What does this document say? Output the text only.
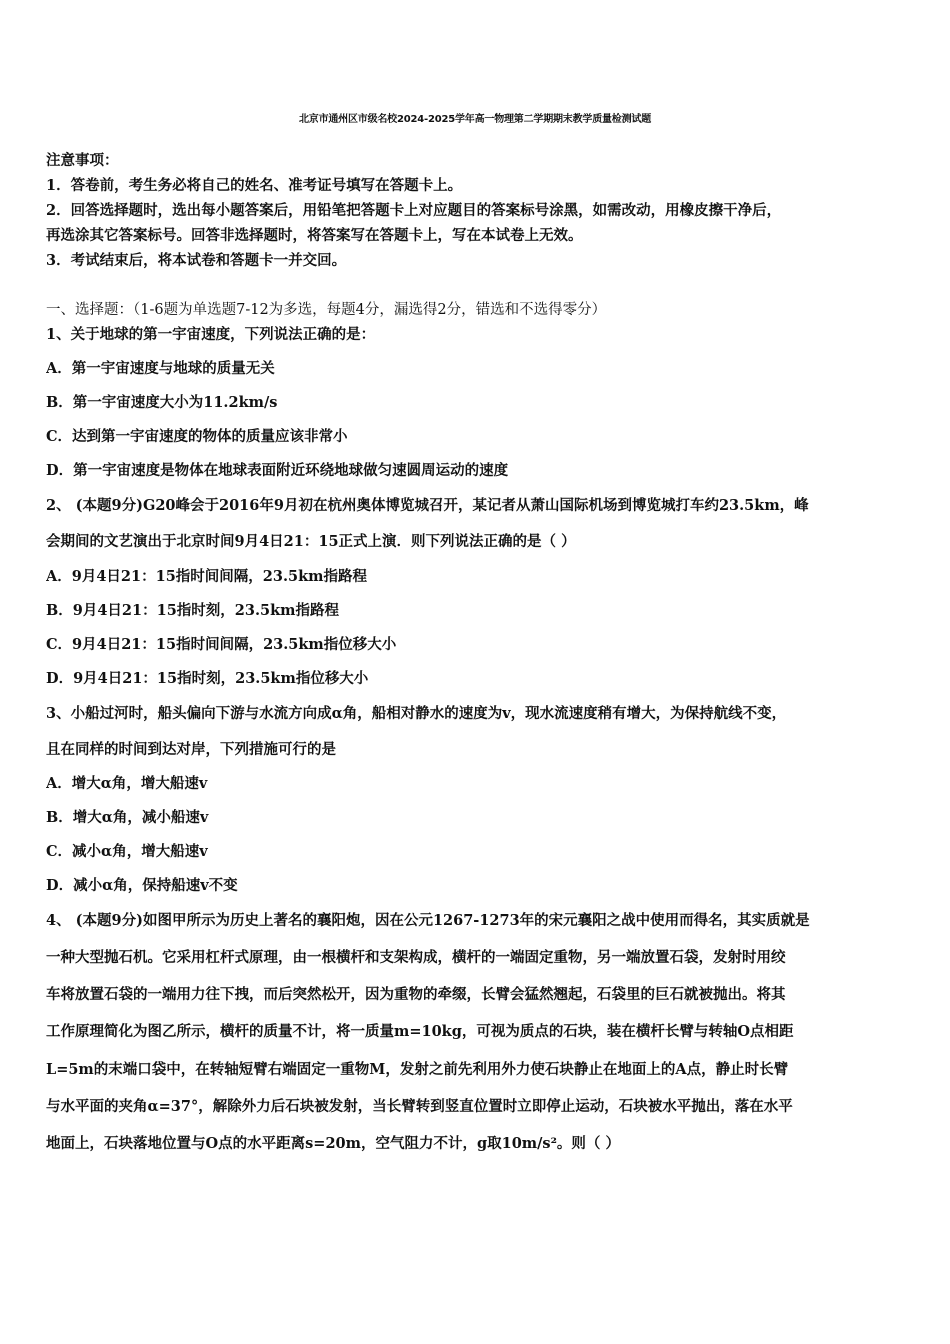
北京市通州区市级名校2024-2025学年高一物理第二学期期末教学质量检测试题
注意事项：
1．答卷前，考生务必将自己的姓名、准考证号填写在答题卡上。
2．回答选择题时，选出每小题答案后，用铅笔把答题卡上对应题目的答案标号涂黑，如需改动，用橡皮擦干净后，
再选涂其它答案标号。回答非选择题时，将答案写在答题卡上，写在本试卷上无效。
3．考试结束后，将本试卷和答题卡一并交回。
一、选择题：（1-6题为单选题7-12为多选，每题4分，漏选得2分，错选和不选得零分）
1、关于地球的第一宇宙速度，下列说法正确的是：
A．第一宇宙速度与地球的质量无关
B．第一宇宙速度大小为11.2km/s
C．达到第一宇宙速度的物体的质量应该非常小
D．第一宇宙速度是物体在地球表面附近环绕地球做匀速圆周运动的速度
2、 (本题9分)G20峰会于2016年9月初在杭州奥体博览城召开，某记者从萧山国际机场到博览城打车约23.5km，峰
会期间的文艺演出于北京时间9月4日21：15正式上演．则下列说法正确的是（ ）
A．9月4日21：15指时间间隔，23.5km指路程
B．9月4日21：15指时刻，23.5km指路程
C．9月4日21：15指时间间隔，23.5km指位移大小
D．9月4日21：15指时刻，23.5km指位移大小
3、小船过河时，船头偏向下游与水流方向成α角，船相对静水的速度为v，现水流速度稍有增大，为保持航线不变，
且在同样的时间到达对岸，下列措施可行的是
A．增大α角，增大船速v
B．增大α角，减小船速v
C．减小α角，增大船速v
D．减小α角，保持船速v不变
4、 (本题9分)如图甲所示为历史上著名的襄阳炮，因在公元1267-1273年的宋元襄阳之战中使用而得名，其实质就是
一种大型抛石机。它采用杠杆式原理，由一根横杆和支架构成，横杆的一端固定重物，另一端放置石袋，发射时用绞
车将放置石袋的一端用力往下拽，而后突然松开，因为重物的牵缀，长臂会猛然翘起，石袋里的巨石就被抛出。将其
工作原理简化为图乙所示，横杆的质量不计，将一质量m=10kg，可视为质点的石块，装在横杆长臂与转轴O点相距
L=5m的末端口袋中，在转轴短臂右端固定一重物M，发射之前先利用外力使石块静止在地面上的A点，静止时长臂
与水平面的夹角α=37°，解除外力后石块被发射，当长臂转到竖直位置时立即停止运动，石块被水平抛出，落在水平
地面上，石块落地位置与O点的水平距离s=20m，空气阻力不计，g取10m/s²。则（ ）
